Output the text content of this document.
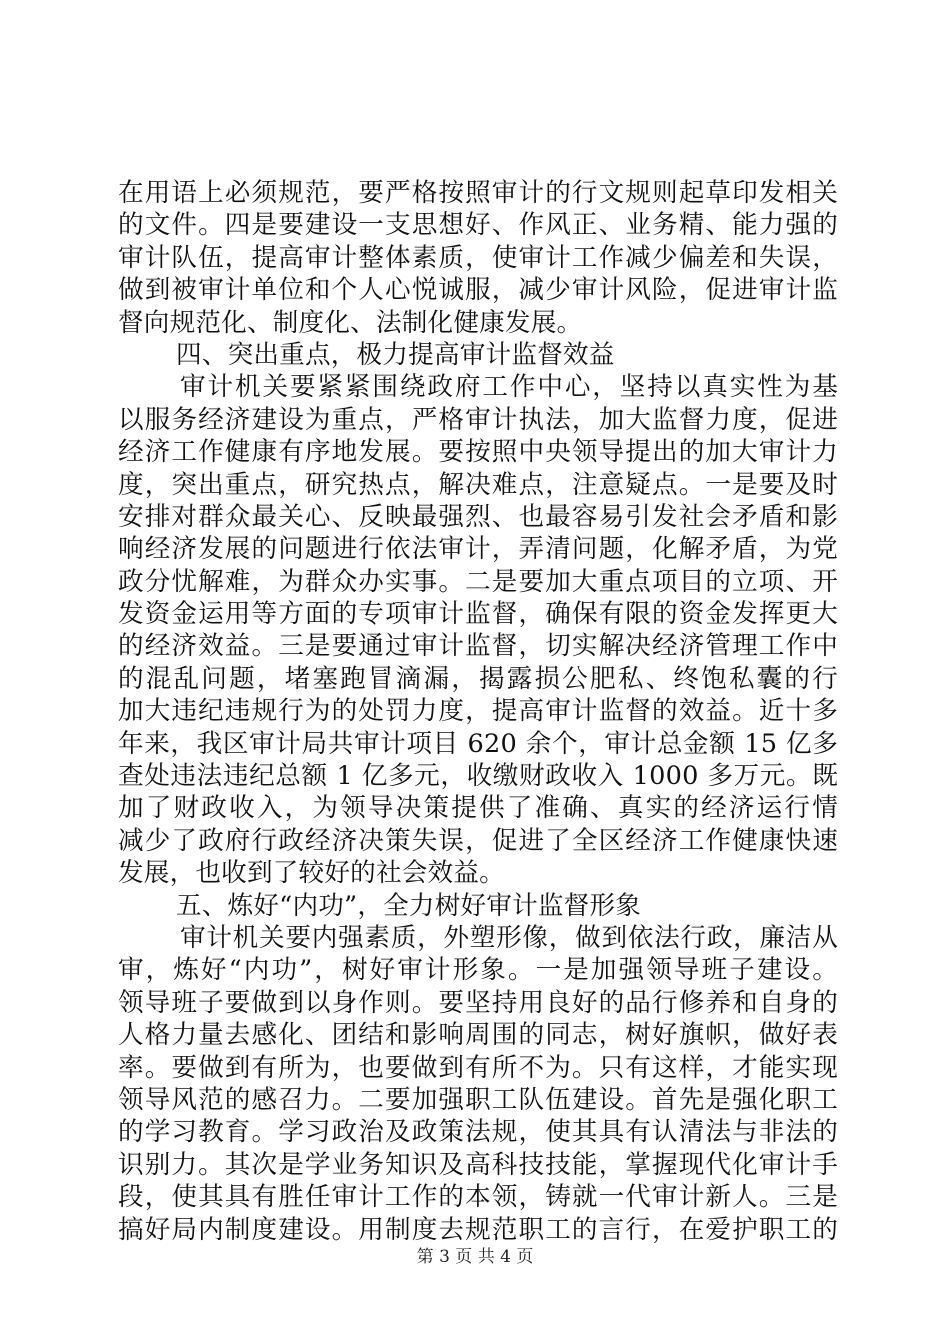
在用语上必须规范，要严格按照审计的行文规则起草印发相关
的文件。四是要建设一支思想好、作风正、业务精、能力强的
审计队伍，提高审计整体素质，使审计工作减少偏差和失误，
做到被审计单位和个人心悦诚服，减少审计风险，促进审计监
督向规范化、制度化、法制化健康发展。
四、突出重点，极力提高审计监督效益
审计机关要紧紧围绕政府工作中心，坚持以真实性为基
以服务经济建设为重点，严格审计执法，加大监督力度，促进
经济工作健康有序地发展。要按照中央领导提出的加大审计力
度，突出重点，研究热点，解决难点，注意疑点。一是要及时
安排对群众最关心、反映最强烈、也最容易引发社会矛盾和影
响经济发展的问题进行依法审计，弄清问题，化解矛盾，为党
政分忧解难，为群众办实事。二是要加大重点项目的立项、开
发资金运用等方面的专项审计监督，确保有限的资金发挥更大
的经济效益。三是要通过审计监督，切实解决经济管理工作中
的混乱问题，堵塞跑冒滴漏，揭露损公肥私、终饱私囊的行
加大违纪违规行为的处罚力度，提高审计监督的效益。近十多
年来，我区审计局共审计项目 620 余个，审计总金额 15 亿多
查处违法违纪总额 1 亿多元，收缴财政收入 1000 多万元。既
加了财政收入，为领导决策提供了准确、真实的经济运行情
减少了政府行政经济决策失误，促进了全区经济工作健康快速
发展，也收到了较好的社会效益。
五、炼好“内功”，全力树好审计监督形象
审计机关要内强素质，外塑形像，做到依法行政，廉洁从
审，炼好“内功”，树好审计形象。一是加强领导班子建设。
领导班子要做到以身作则。要坚持用良好的品行修养和自身的
人格力量去感化、团结和影响周围的同志，树好旗帜，做好表
率。要做到有所为，也要做到有所不为。只有这样，才能实现
领导风范的感召力。二要加强职工队伍建设。首先是强化职工
的学习教育。学习政治及政策法规，使其具有认清法与非法的
识别力。其次是学业务知识及高科技技能，掌握现代化审计手
段，使其具有胜任审计工作的本领，铸就一代审计新人。三是
搞好局内制度建设。用制度去规范职工的言行，在爱护职工的
第 3 页 共 4 页
